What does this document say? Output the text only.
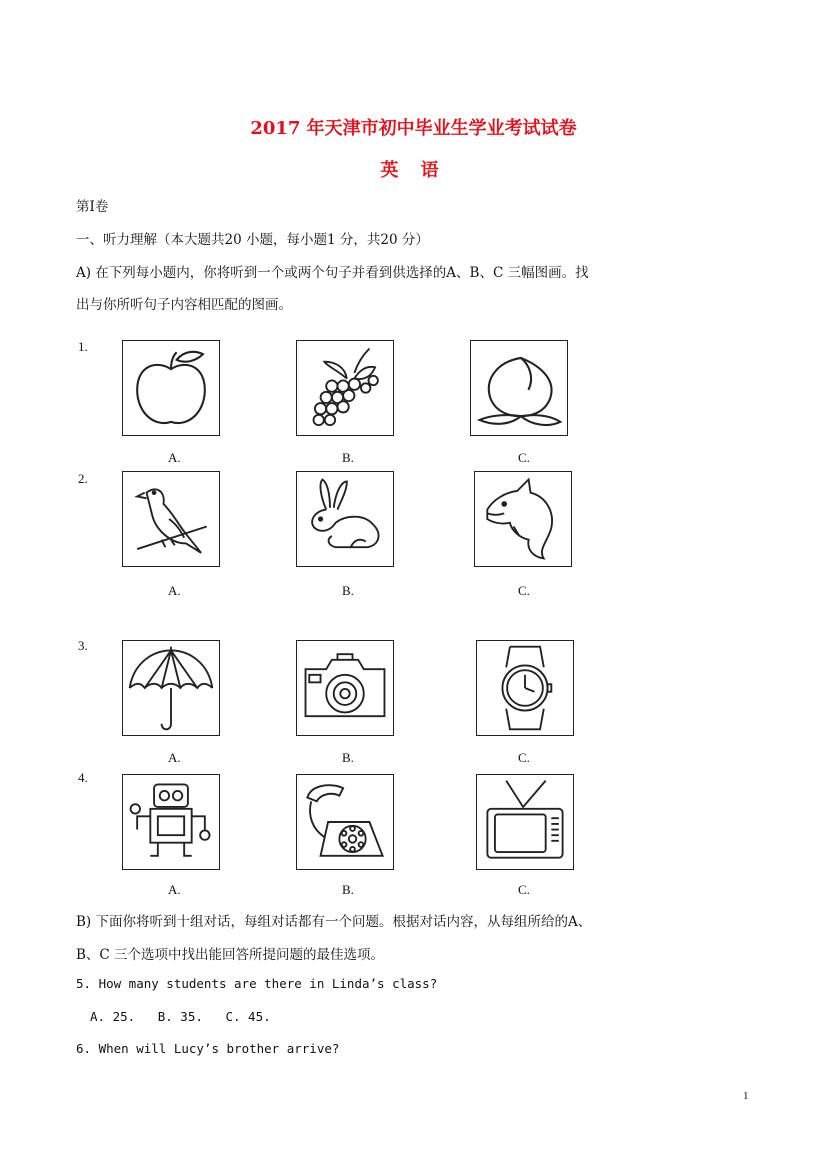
2017 年天津市初中毕业生学业考试试卷
英 语
第Ⅰ卷
一、听力理解（本大题共20 小题，每小题1 分，共20 分）
A) 在下列每小题内，你将听到一个或两个句子并看到供选择的A、B、C 三幅图画。找
出与你所听句子内容相匹配的图画。
1.
A.	B.	C.
2.
A.	B.	C.
3.
A.	B.	C.
4.
A.	B.	C.
B) 下面你将听到十组对话，每组对话都有一个问题。根据对话内容，从每组所给的A、
B、C 三个选项中找出能回答所提问题的最佳选项。
5. How many students are there in Linda’s class?
A. 25.   B. 35.   C. 45.
6. When will Lucy’s brother arrive?
1
